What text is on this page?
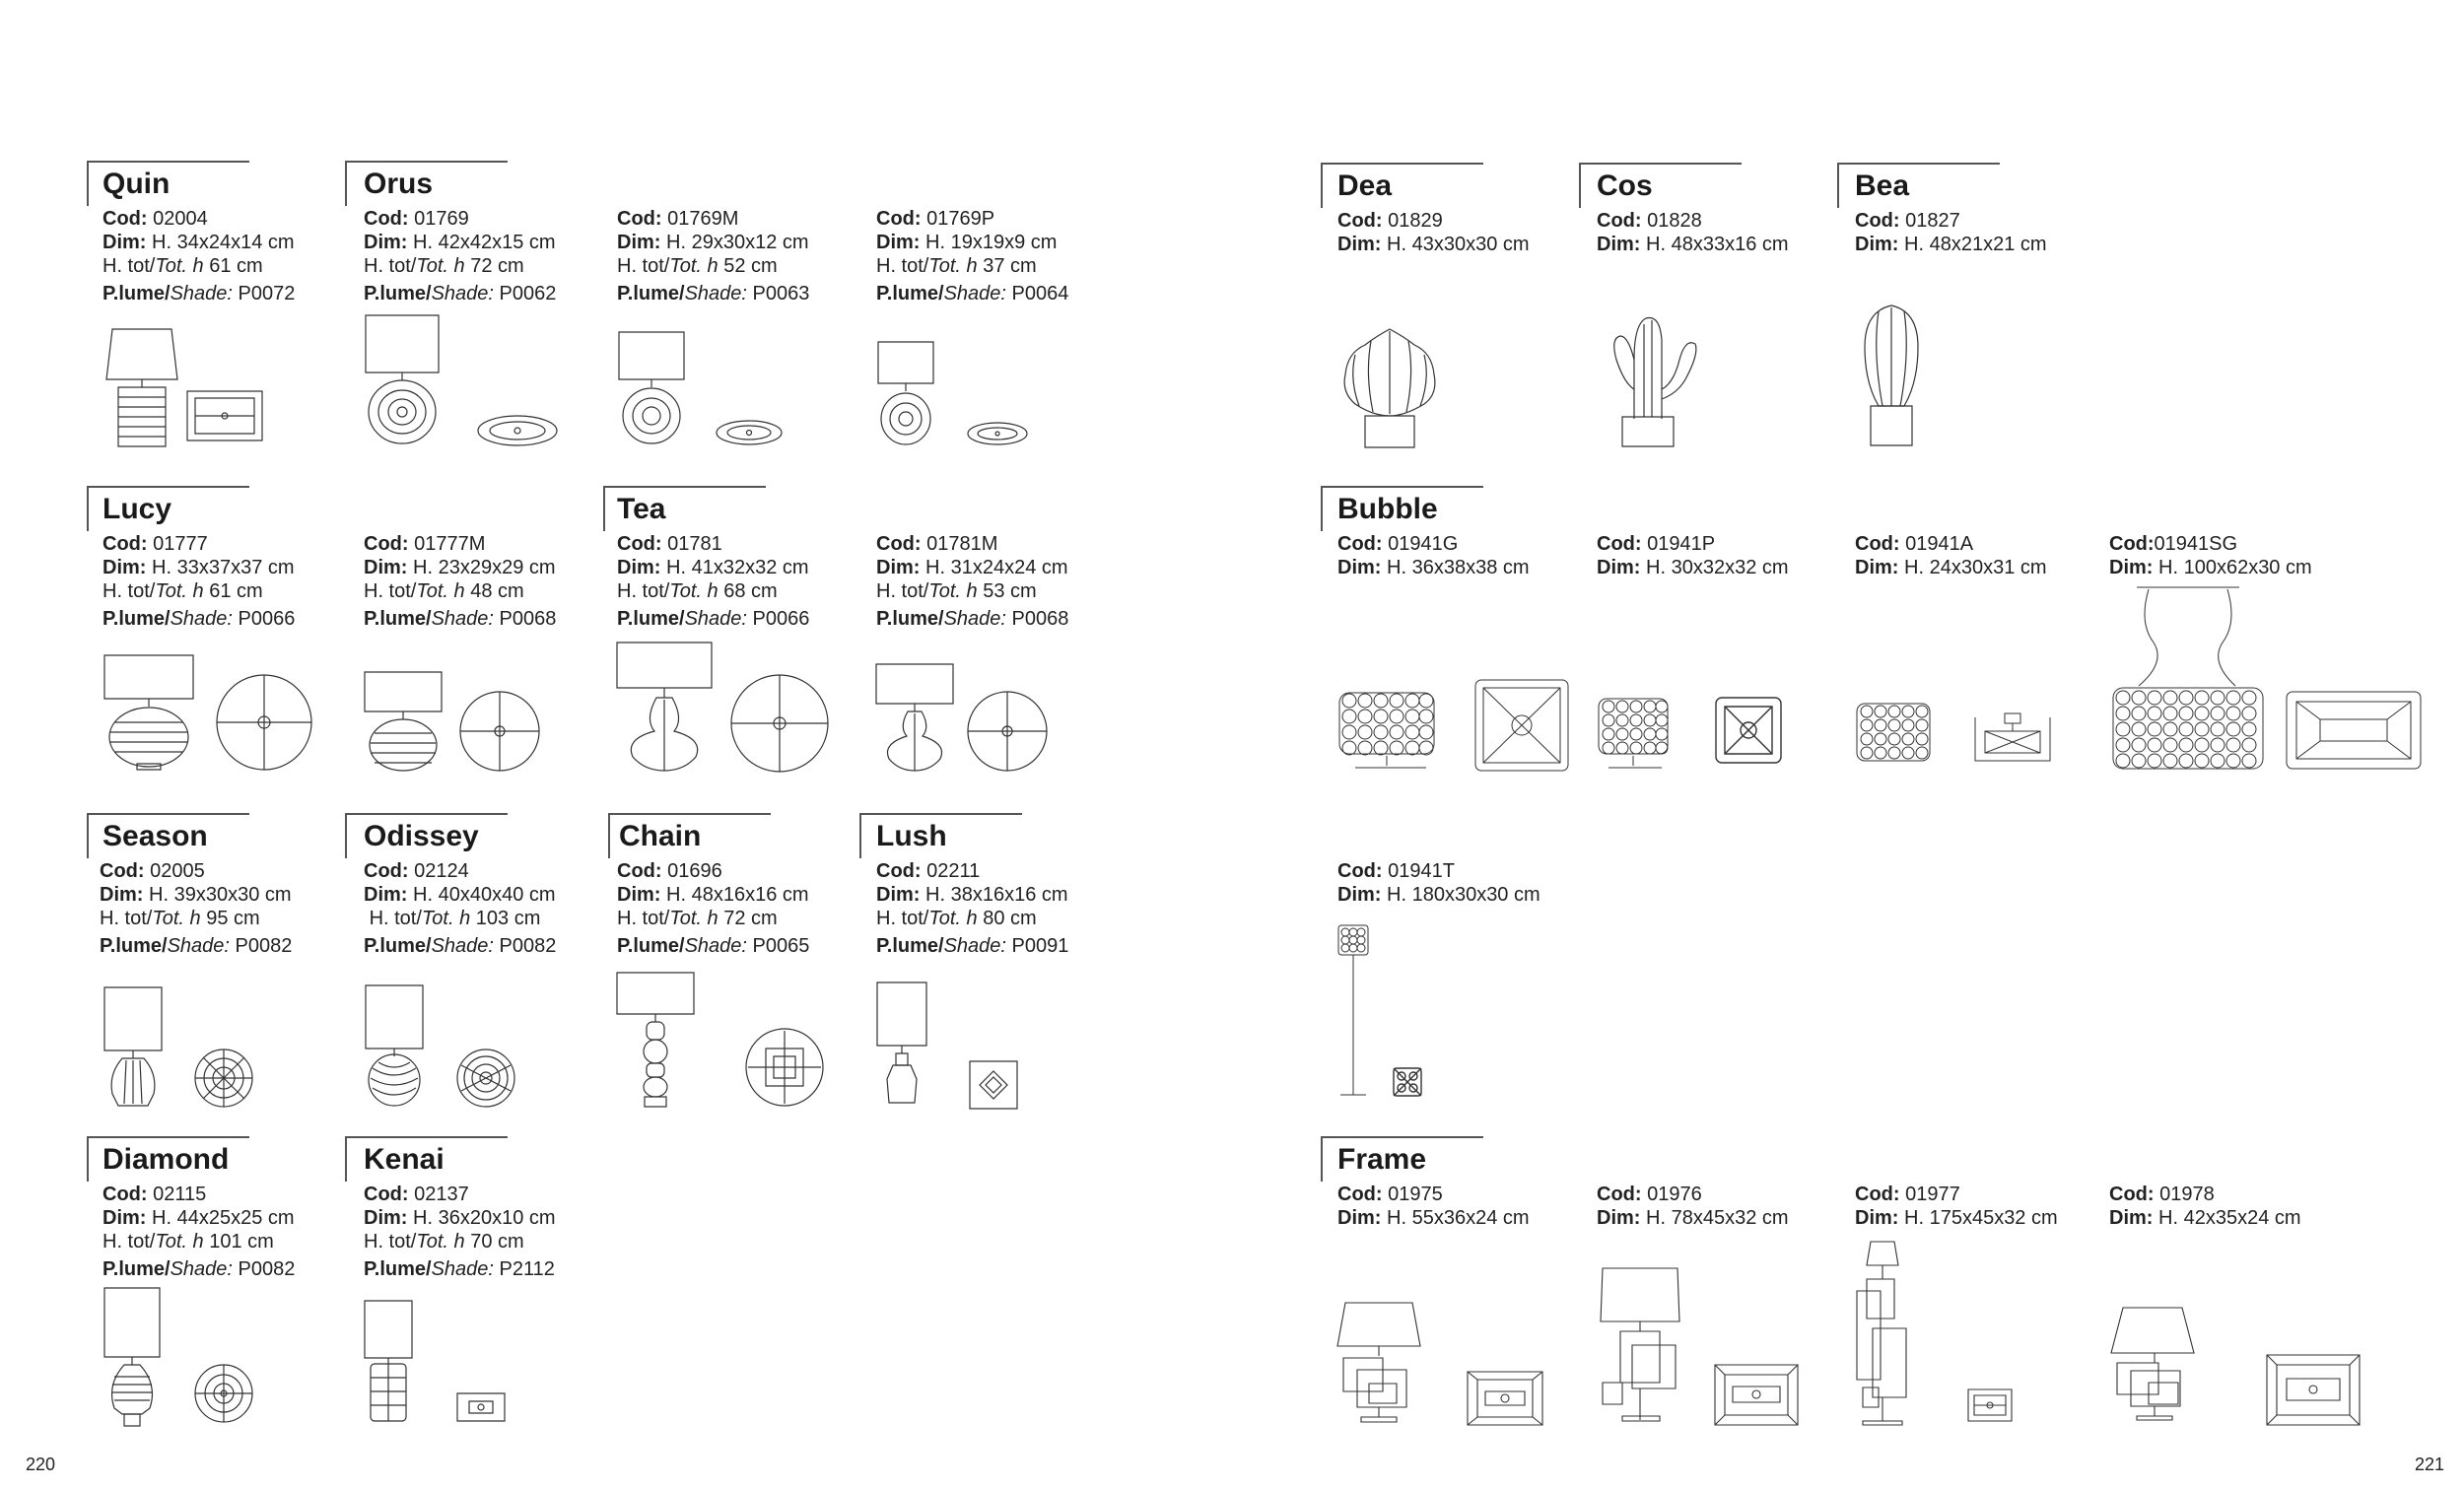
Quin	Orus
Lucy	Tea
Season	Odissey	Chain	Lush
Diamond	Kenai
Dea	Cos	Bea
Bubble
Frame
Cod: 02004
Dim: H. 34x24x14 cm
H. tot/Tot. h 61 cm
P.lume/Shade: P0072
Cod: 01769
Dim: H. 42x42x15 cm
H. tot/Tot. h 72 cm
P.lume/Shade: P0062
Cod: 01769M
Dim: H. 29x30x12 cm
H. tot/Tot. h 52 cm
P.lume/Shade: P0063
Cod: 01769P
Dim: H. 19x19x9 cm
H. tot/Tot. h 37 cm
P.lume/Shade: P0064
Cod: 01777
Dim: H. 33x37x37 cm
H. tot/Tot. h 61 cm
P.lume/Shade: P0066
Cod: 01777M
Dim: H. 23x29x29 cm
H. tot/Tot. h 48 cm
P.lume/Shade: P0068
Cod: 01781
Dim: H. 41x32x32 cm
H. tot/Tot. h 68 cm
P.lume/Shade: P0066
Cod: 01781M
Dim: H. 31x24x24 cm
H. tot/Tot. h 53 cm
P.lume/Shade: P0068
Cod: 02005
Dim: H. 39x30x30 cm
H. tot/Tot. h 95 cm
P.lume/Shade: P0082
Cod: 02124
Dim: H. 40x40x40 cm
H. tot/Tot. h 103 cm
P.lume/Shade: P0082
Cod: 01696
Dim: H. 48x16x16 cm
H. tot/Tot. h 72 cm
P.lume/Shade: P0065
Cod: 02211
Dim: H. 38x16x16 cm
H. tot/Tot. h 80 cm
P.lume/Shade: P0091
Cod: 02115
Dim: H. 44x25x25 cm
H. tot/Tot. h 101 cm
P.lume/Shade: P0082
Cod: 02137
Dim: H. 36x20x10 cm
H. tot/Tot. h 70 cm
P.lume/Shade: P2112
Cod: 01829
Dim: H. 43x30x30 cm
Cod: 01828
Dim: H. 48x33x16 cm
Cod: 01827
Dim: H. 48x21x21 cm
Cod: 01941G
Dim: H. 36x38x38 cm
Cod: 01941P
Dim: H. 30x32x32 cm
Cod: 01941A
Dim: H. 24x30x31 cm
Cod:01941SG
Dim: H. 100x62x30 cm
Cod: 01941T
Dim: H. 180x30x30 cm
Cod: 01975
Dim: H. 55x36x24 cm
Cod: 01976
Dim: H. 78x45x32 cm
Cod: 01977
Dim: H. 175x45x32 cm
Cod: 01978
Dim: H. 42x35x24 cm
220	221
